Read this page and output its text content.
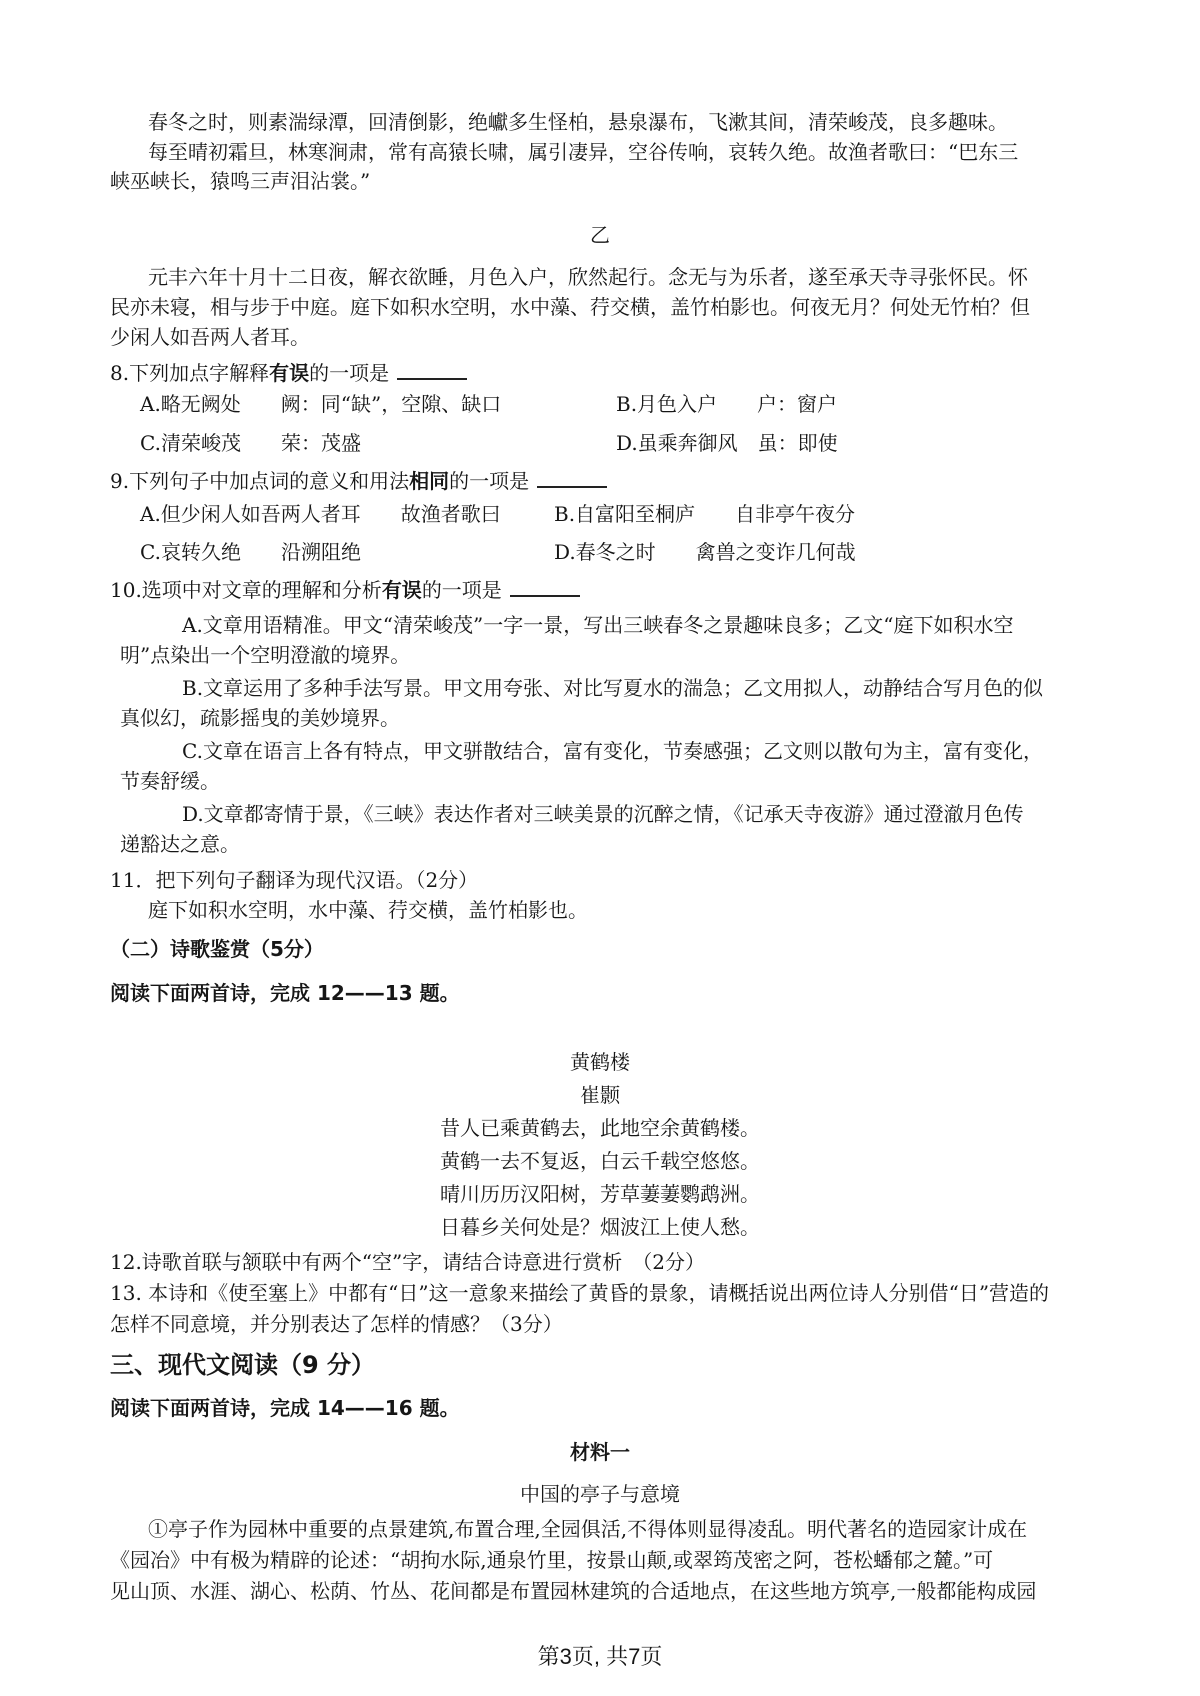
春冬之时，则素湍绿潭，回清倒影，绝巘多生怪柏，悬泉瀑布，飞漱其间，清荣峻茂，良多趣味。
每至晴初霜旦，林寒涧肃，常有高猿长啸，属引凄异，空谷传响，哀转久绝。故渔者歌曰：“巴东三
峡巫峡长，猿鸣三声泪沾裳。”
乙
元丰六年十月十二日夜，解衣欲睡，月色入户，欣然起行。念无与为乐者，遂至承天寺寻张怀民。怀
民亦未寝，相与步于中庭。庭下如积水空明，水中藻、荇交横，盖竹柏影也。何夜无月？何处无竹柏？但
少闲人如吾两人者耳。
8.下列加点字解释有误的一项是
A.略无阙处　　阙：同“缺”，空隙、缺口	B.月色入户　　户：窗户
C.清荣峻茂　　荣：茂盛	D.虽乘奔御风　虽：即使
9.下列句子中加点词的意义和用法相同的一项是
A.但少闲人如吾两人者耳　　故渔者歌曰	B.自富阳至桐庐　　自非亭午夜分
C.哀转久绝　　沿溯阻绝	D.春冬之时　　禽兽之变诈几何哉
10.选项中对文章的理解和分析有误的一项是
A.文章用语精准。甲文“清荣峻茂”一字一景，写出三峡春冬之景趣味良多；乙文“庭下如积水空
明”点染出一个空明澄澈的境界。
B.文章运用了多种手法写景。甲文用夸张、对比写夏水的湍急；乙文用拟人，动静结合写月色的似
真似幻，疏影摇曳的美妙境界。
C.文章在语言上各有特点，甲文骈散结合，富有变化，节奏感强；乙文则以散句为主，富有变化，
节奏舒缓。
D.文章都寄情于景，《三峡》表达作者对三峡美景的沉醉之情，《记承天寺夜游》通过澄澈月色传
递豁达之意。
11．把下列句子翻译为现代汉语。（2分）
庭下如积水空明，水中藻、荇交横，盖竹柏影也。
（二）诗歌鉴赏（5分）
阅读下面两首诗，完成 12——13 题。
黄鹤楼
崔颢
昔人已乘黄鹤去，此地空余黄鹤楼。
黄鹤一去不复返，白云千载空悠悠。
晴川历历汉阳树，芳草萋萋鹦鹉洲。
日暮乡关何处是？烟波江上使人愁。
12.诗歌首联与颔联中有两个“空”字，请结合诗意进行赏析　（2分）
13. 本诗和《使至塞上》中都有“日”这一意象来描绘了黄昏的景象，请概括说出两位诗人分别借“日”营造的
怎样不同意境，并分别表达了怎样的情感？（3分）
三、现代文阅读（9 分）
阅读下面两首诗，完成 14——16 题。
材料一
中国的亭子与意境
①亭子作为园林中重要的点景建筑,布置合理,全园俱活,不得体则显得凌乱。明代著名的造园家计成在
《园冶》中有极为精辟的论述：“胡拘水际,通泉竹里，按景山颠,或翠筠茂密之阿，苍松蟠郁之麓。”可
见山顶、水涯、湖心、松荫、竹丛、花间都是布置园林建筑的合适地点，在这些地方筑亭,一般都能构成园
第3页, 共7页
